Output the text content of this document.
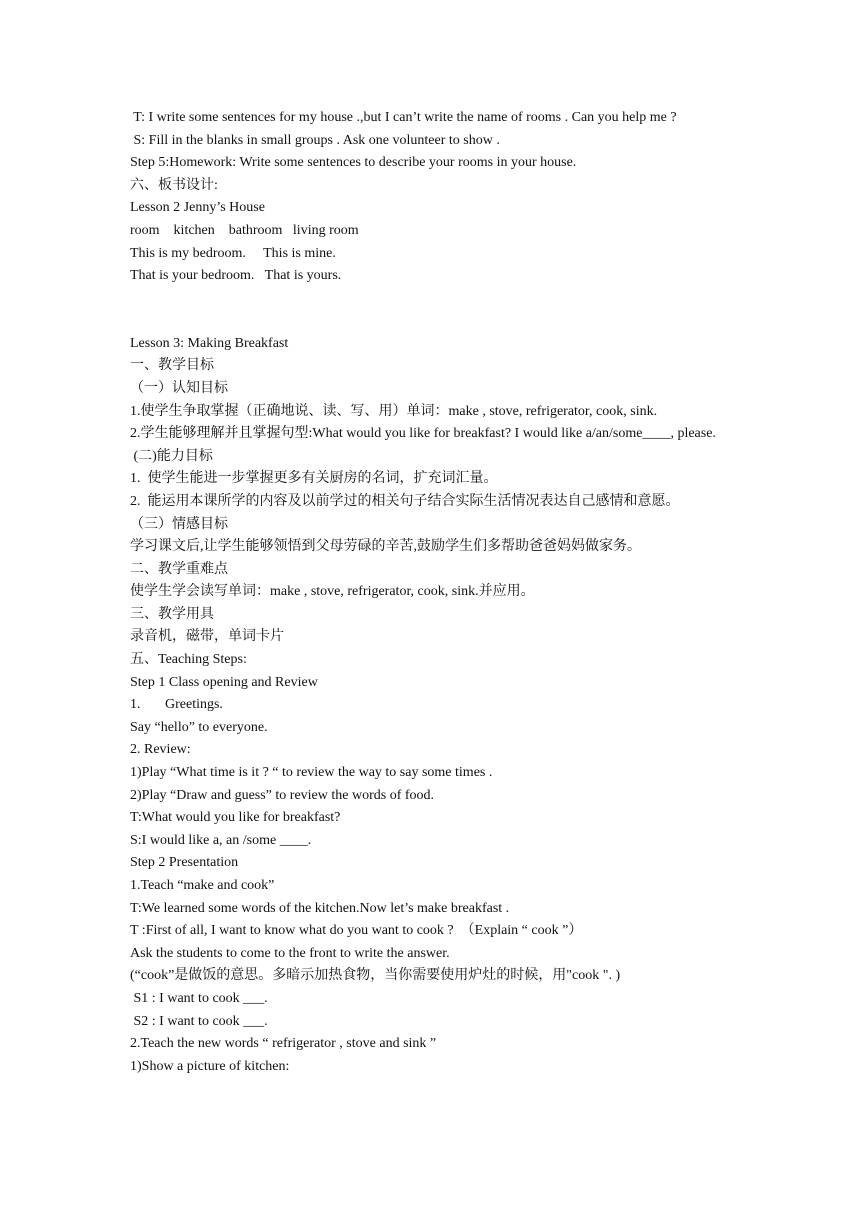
T: I write some sentences for my house .,but I can’t write the name of rooms . Can you help me ?
S: Fill in the blanks in small groups . Ask one volunteer to show .
Step 5:Homework: Write some sentences to describe your rooms in your house.
六、板书设计:
Lesson 2 Jenny’s House
room    kitchen    bathroom   living room
This is my bedroom.     This is mine.
That is your bedroom.   That is yours.
Lesson 3: Making Breakfast
一、教学目标
（一）认知目标
1.使学生争取掌握（正确地说、读、写、用）单词：make , stove, refrigerator, cook, sink.
2.学生能够理解并且掌握句型:What would you like for breakfast? I would like a/an/some____, please.
(二)能力目标
1.  使学生能进一步掌握更多有关厨房的名词，扩充词汇量。
2.  能运用本课所学的内容及以前学过的相关句子结合实际生活情况表达自己感情和意愿。
（三）情感目标
学习课文后,让学生能够领悟到父母劳碌的辛苦,鼓励学生们多帮助爸爸妈妈做家务。
二、教学重难点
使学生学会读写单词：make , stove, refrigerator, cook, sink.并应用。
三、教学用具
录音机，磁带，单词卡片
五、Teaching Steps:
Step 1 Class opening and Review
1.       Greetings.
Say “hello” to everyone.
2. Review:
1)Play “What time is it ? “ to review the way to say some times .
2)Play “Draw and guess” to review the words of food.
T:What would you like for breakfast?
S:I would like a, an /some ____.
Step 2 Presentation
1.Teach “make and cook”
T:We learned some words of the kitchen.Now let’s make breakfast .
T :First of all, I want to know what do you want to cook ?  （Explain “ cook ”）
Ask the students to come to the front to write the answer.
(“cook”是做饭的意思。多暗示加热食物，当你需要使用炉灶的时候，用"cook ". )
S1 : I want to cook ___.
S2 : I want to cook ___.
2.Teach the new words “ refrigerator , stove and sink ”
1)Show a picture of kitchen:
